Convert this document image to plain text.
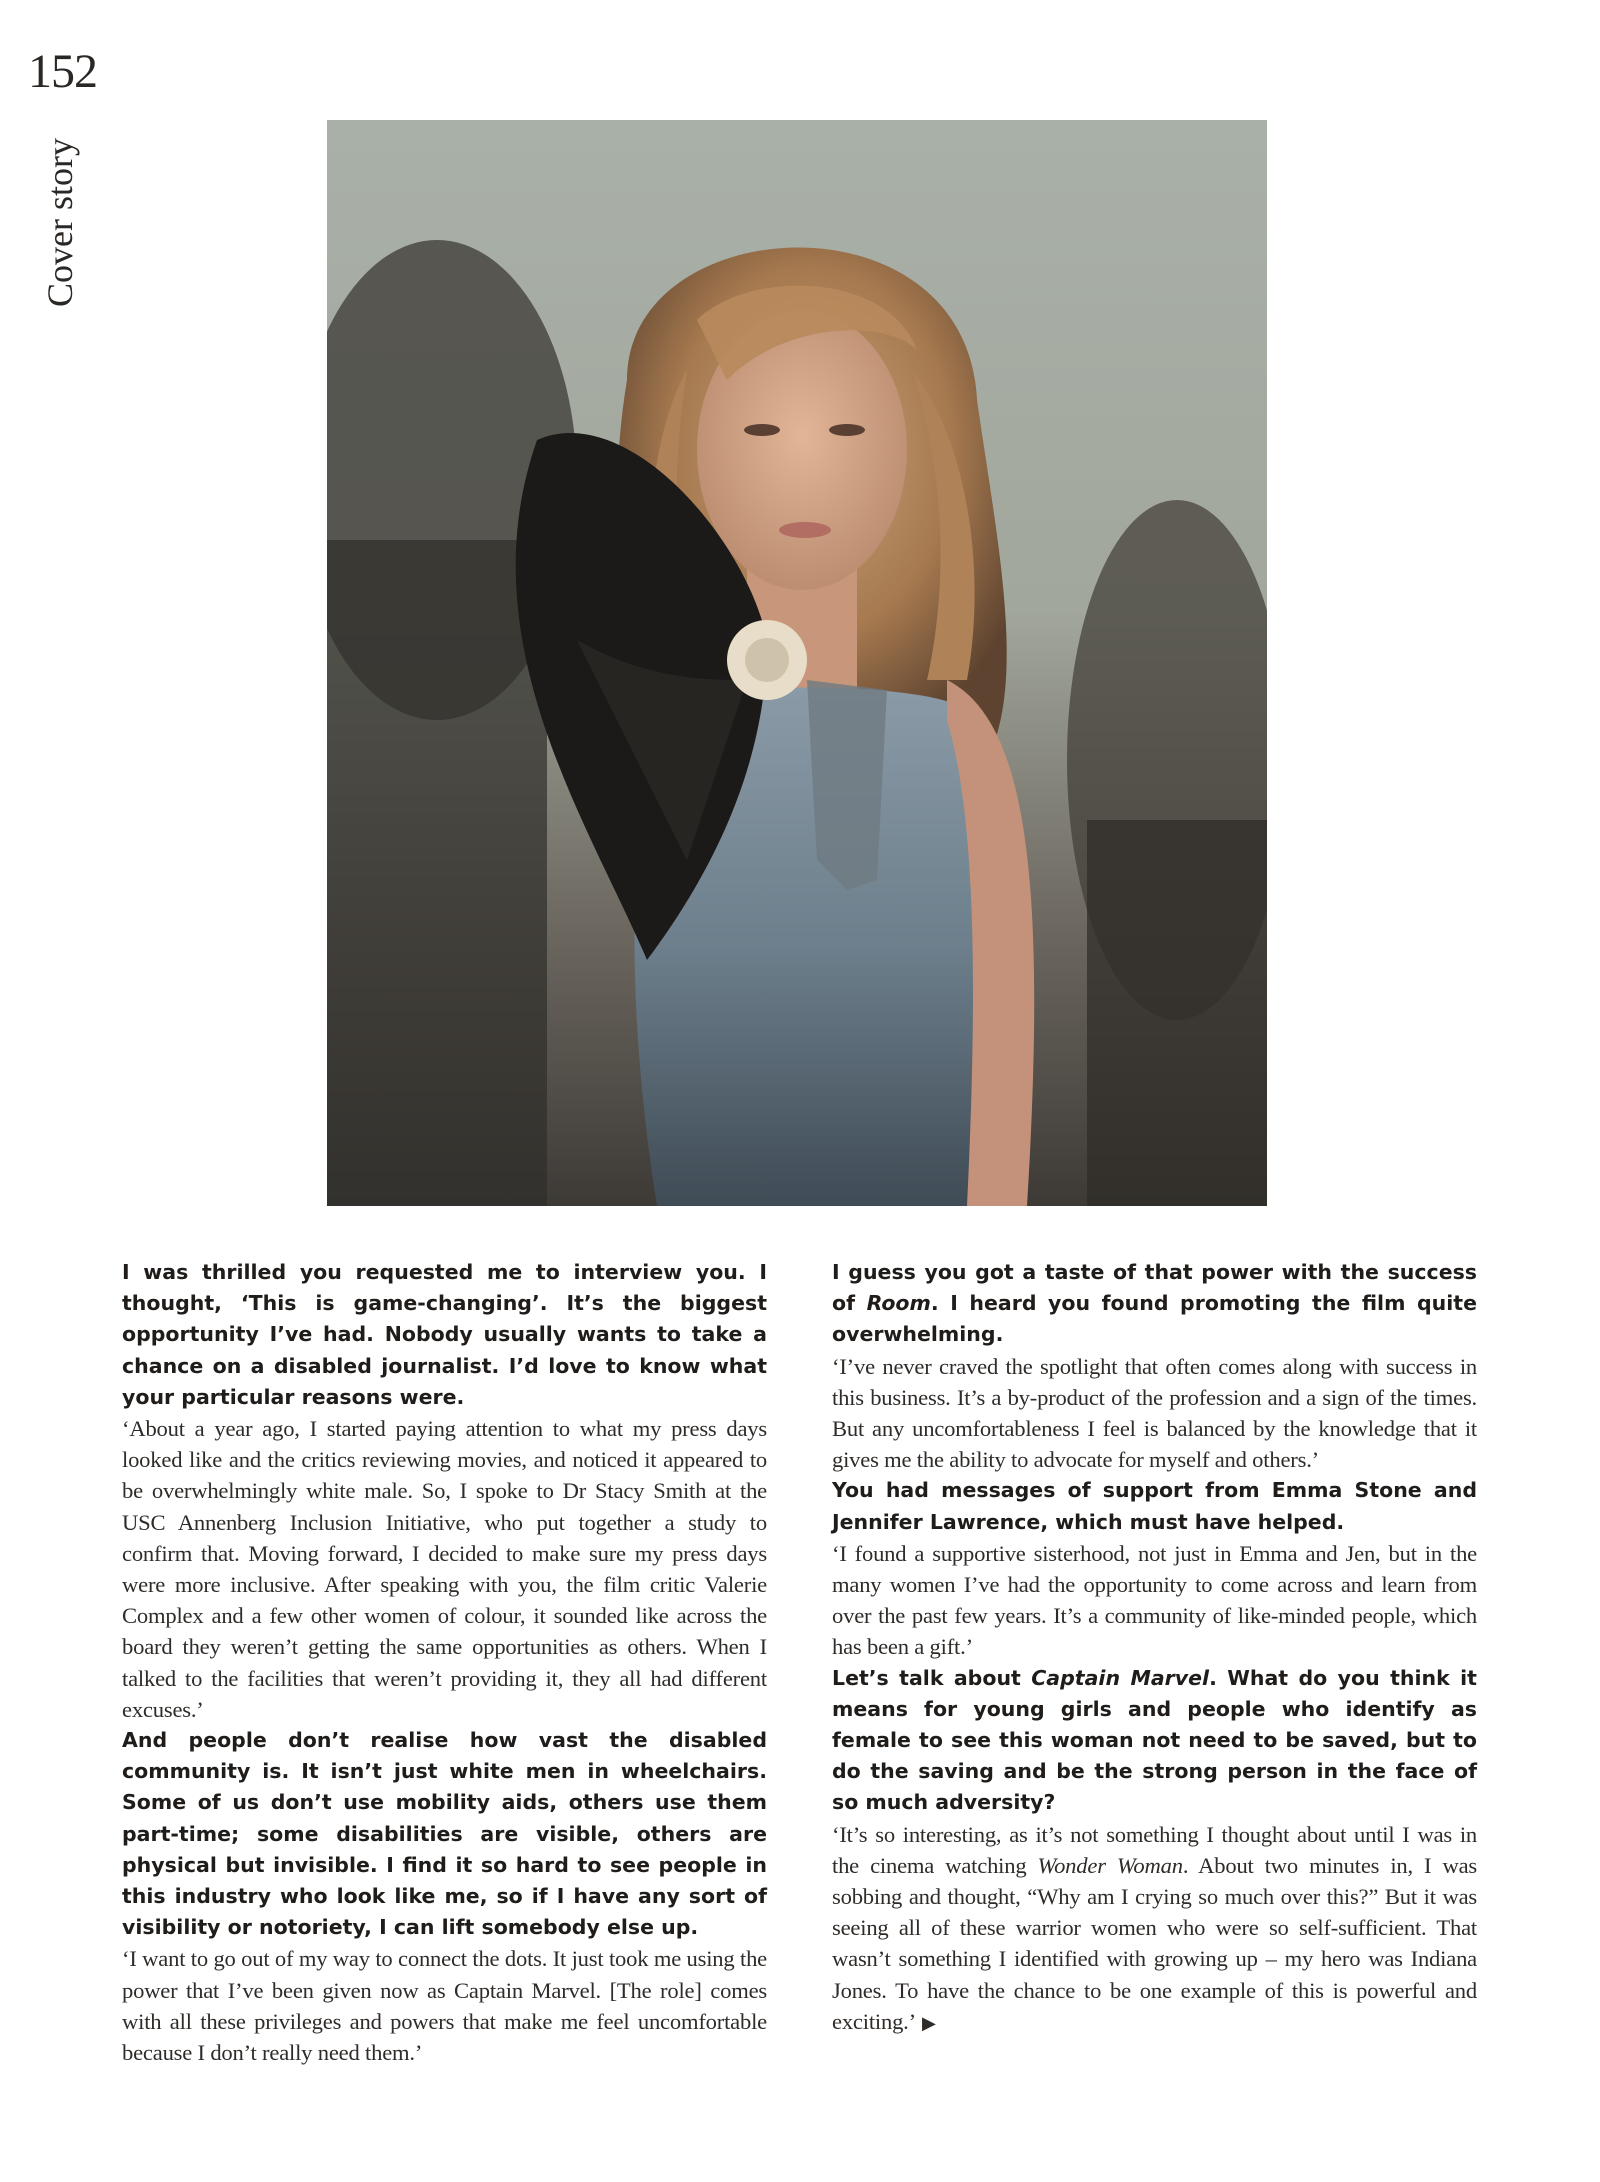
152
Cover story

I was thrilled you requested me to interview you. I thought, ‘This is game-changing’. It’s the biggest opportunity I’ve had. Nobody usually wants to take a chance on a disabled journalist. I’d love to know what your particular reasons were.

‘About a year ago, I started paying attention to what my press days looked like and the critics reviewing movies, and noticed it appeared to be overwhelmingly white male. So, I spoke to Dr Stacy Smith at the USC Annenberg Inclusion Initiative, who put together a study to confirm that. Moving forward, I decided to make sure my press days were more inclusive. After speaking with you, the film critic Valerie Complex and a few other women of colour, it sounded like across the board they weren’t getting the same opportunities as others. When I talked to the facilities that weren’t providing it, they all had different excuses.’

And people don’t realise how vast the disabled community is. It isn’t just white men in wheelchairs. Some of us don’t use mobility aids, others use them part-time; some disabilities are visible, others are physical but invisible. I find it so hard to see people in this industry who look like me, so if I have any sort of visibility or notoriety, I can lift somebody else up.

‘I want to go out of my way to connect the dots. It just took me using the power that I’ve been given now as Captain Marvel. [The role] comes with all these privileges and powers that make me feel uncomfortable because I don’t really need them.’

I guess you got a taste of that power with the success of Room. I heard you found promoting the film quite overwhelming.

‘I’ve never craved the spotlight that often comes along with success in this business. It’s a by-product of the profession and a sign of the times. But any uncomfortableness I feel is balanced by the knowledge that it gives me the ability to advocate for myself and others.’

You had messages of support from Emma Stone and Jennifer Lawrence, which must have helped.

‘I found a supportive sisterhood, not just in Emma and Jen, but in the many women I’ve had the opportunity to come across and learn from over the past few years. It’s a community of like-minded people, which has been a gift.’

Let’s talk about Captain Marvel. What do you think it means for young girls and people who identify as female to see this woman not need to be saved, but to do the saving and be the strong person in the face of so much adversity?

‘It’s so interesting, as it’s not something I thought about until I was in the cinema watching Wonder Woman. About two minutes in, I was sobbing and thought, “Why am I crying so much over this?” But it was seeing all of these warrior women who were so self-sufficient. That wasn’t something I identified with growing up – my hero was Indiana Jones. To have the chance to be one example of this is powerful and exciting.’ ▶
